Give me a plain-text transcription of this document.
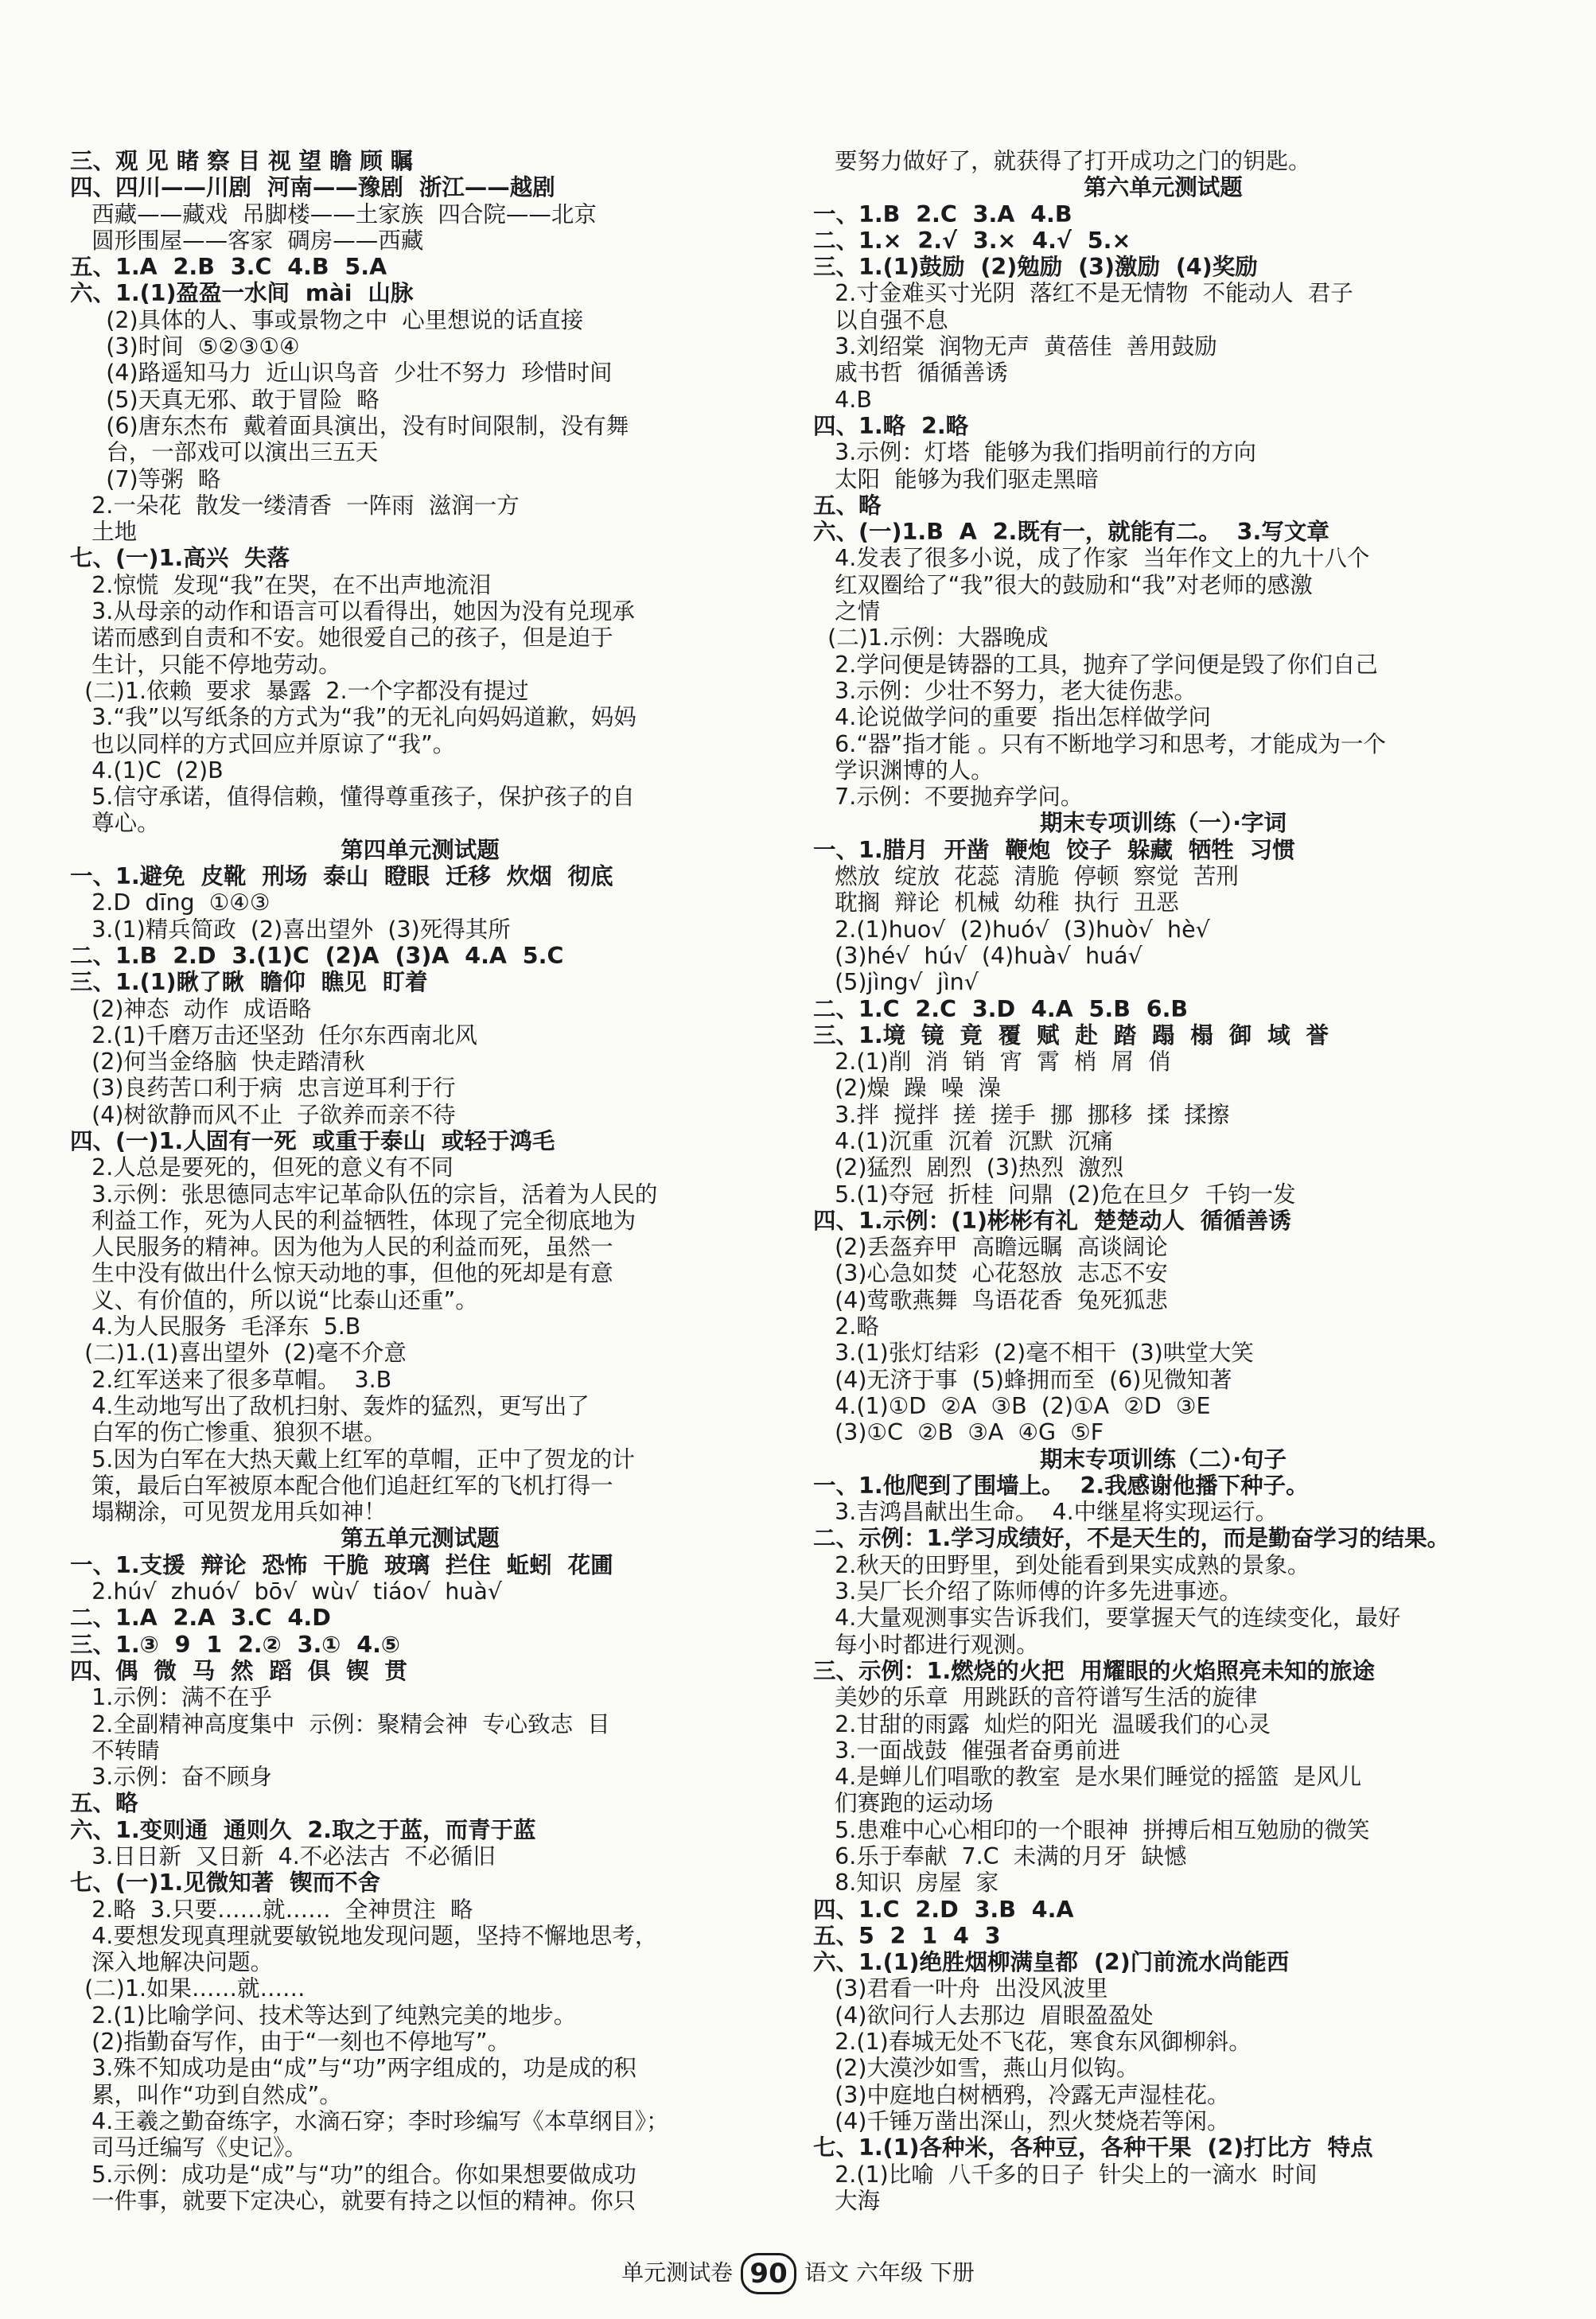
三、观 见 睹 察 目 视 望 瞻 顾 瞩
四、四川——川剧  河南——豫剧  浙江——越剧
西藏——藏戏  吊脚楼——土家族  四合院——北京
圆形围屋——客家  碉房——西藏
五、1.A  2.B  3.C  4.B  5.A
六、1.(1)盈盈一水间  mài  山脉
(2)具体的人、事或景物之中  心里想说的话直接
(3)时间  ⑤②③①④
(4)路遥知马力  近山识鸟音  少壮不努力  珍惜时间
(5)天真无邪、敢于冒险  略
(6)唐东杰布  戴着面具演出，没有时间限制，没有舞
台，一部戏可以演出三五天
(7)等粥  略
2.一朵花  散发一缕清香  一阵雨  滋润一方
土地
七、(一)1.高兴  失落
2.惊慌  发现“我”在哭，在不出声地流泪
3.从母亲的动作和语言可以看得出，她因为没有兑现承
诺而感到自责和不安。她很爱自己的孩子，但是迫于
生计，只能不停地劳动。
(二)1.依赖  要求  暴露  2.一个字都没有提过
3.“我”以写纸条的方式为“我”的无礼向妈妈道歉，妈妈
也以同样的方式回应并原谅了“我”。
4.(1)C  (2)B
5.信守承诺，值得信赖，懂得尊重孩子，保护孩子的自
尊心。
第四单元测试题
一、1.避免  皮靴  刑场  泰山  瞪眼  迁移  炊烟  彻底
2.D  dīng  ①④③
3.(1)精兵简政  (2)喜出望外  (3)死得其所
二、1.B  2.D  3.(1)C  (2)A  (3)A  4.A  5.C
三、1.(1)瞅了瞅  瞻仰  瞧见  盯着
(2)神态  动作  成语略
2.(1)千磨万击还坚劲  任尔东西南北风
(2)何当金络脑  快走踏清秋
(3)良药苦口利于病  忠言逆耳利于行
(4)树欲静而风不止  子欲养而亲不待
四、(一)1.人固有一死  或重于泰山  或轻于鸿毛
2.人总是要死的，但死的意义有不同
3.示例：张思德同志牢记革命队伍的宗旨，活着为人民的
利益工作，死为人民的利益牺牲，体现了完全彻底地为
人民服务的精神。因为他为人民的利益而死，虽然一
生中没有做出什么惊天动地的事，但他的死却是有意
义、有价值的，所以说“比泰山还重”。
4.为人民服务  毛泽东  5.B
(二)1.(1)喜出望外  (2)毫不介意
2.红军送来了很多草帽。  3.B
4.生动地写出了敌机扫射、轰炸的猛烈，更写出了
白军的伤亡惨重、狼狈不堪。
5.因为白军在大热天戴上红军的草帽，正中了贺龙的计
策，最后白军被原本配合他们追赶红军的飞机打得一
塌糊涂，可见贺龙用兵如神！
第五单元测试题
一、1.支援  辩论  恐怖  干脆  玻璃  拦住  蚯蚓  花圃
2.hú√  zhuó√  bō√  wù√  tiáo√  huà√
二、1.A  2.A  3.C  4.D
三、1.③  9  1  2.②  3.①  4.⑤
四、偶  微  马  然  蹈  俱  锲  贯
1.示例：满不在乎
2.全副精神高度集中  示例：聚精会神  专心致志  目
不转睛
3.示例：奋不顾身
五、略
六、1.变则通  通则久  2.取之于蓝，而青于蓝
3.日日新  又日新  4.不必法古  不必循旧
七、(一)1.见微知著  锲而不舍
2.略  3.只要……就……  全神贯注  略
4.要想发现真理就要敏锐地发现问题，坚持不懈地思考，
深入地解决问题。
(二)1.如果……就……
2.(1)比喻学问、技术等达到了纯熟完美的地步。
(2)指勤奋写作，由于“一刻也不停地写”。
3.殊不知成功是由“成”与“功”两字组成的，功是成的积
累，叫作“功到自然成”。
4.王羲之勤奋练字，水滴石穿；李时珍编写《本草纲目》；
司马迁编写《史记》。
5.示例：成功是“成”与“功”的组合。你如果想要做成功
一件事，就要下定决心，就要有持之以恒的精神。你只
要努力做好了，就获得了打开成功之门的钥匙。
第六单元测试题
一、1.B  2.C  3.A  4.B
二、1.×  2.√  3.×  4.√  5.×
三、1.(1)鼓励  (2)勉励  (3)激励  (4)奖励
2.寸金难买寸光阴  落红不是无情物  不能动人  君子
以自强不息
3.刘绍棠  润物无声  黄蓓佳  善用鼓励
戚书哲  循循善诱
4.B
四、1.略  2.略
3.示例：灯塔  能够为我们指明前行的方向
太阳  能够为我们驱走黑暗
五、略
六、(一)1.B  A  2.既有一，就能有二。  3.写文章
4.发表了很多小说，成了作家  当年作文上的九十八个
红双圈给了“我”很大的鼓励和“我”对老师的感激
之情
(二)1.示例：大器晚成
2.学问便是铸器的工具，抛弃了学问便是毁了你们自己
3.示例：少壮不努力，老大徒伤悲。
4.论说做学问的重要  指出怎样做学问
6.“器”指才能 。只有不断地学习和思考，才能成为一个
学识渊博的人。
7.示例：不要抛弃学问。
期末专项训练（一）·字词
一、1.腊月  开凿  鞭炮  饺子  躲藏  牺牲  习惯
燃放  绽放  花蕊  清脆  停顿  察觉  苦刑
耽搁  辩论  机械  幼稚  执行  丑恶
2.(1)huo√  (2)huó√  (3)huò√  hè√
(3)hé√  hú√  (4)huà√  huá√
(5)jìng√  jìn√
二、1.C  2.C  3.D  4.A  5.B  6.B
三、1.境  镜  竟  覆  赋  赴  踏  蹋  榻  御  域  誉
2.(1)削  消  销  宵  霄  梢  屑  俏
(2)燥  躁  噪  澡
3.拌  搅拌  搓  搓手  挪  挪移  揉  揉擦
4.(1)沉重  沉着  沉默  沉痛
(2)猛烈  剧烈  (3)热烈  激烈
5.(1)夺冠  折桂  问鼎  (2)危在旦夕  千钧一发
四、1.示例：(1)彬彬有礼  楚楚动人  循循善诱
(2)丢盔弃甲  高瞻远瞩  高谈阔论
(3)心急如焚  心花怒放  志忑不安
(4)莺歌燕舞  鸟语花香  兔死狐悲
2.略
3.(1)张灯结彩  (2)毫不相干  (3)哄堂大笑
(4)无济于事  (5)蜂拥而至  (6)见微知著
4.(1)①D  ②A  ③B  (2)①A  ②D  ③E
(3)①C  ②B  ③A  ④G  ⑤F
期末专项训练（二）·句子
一、1.他爬到了围墙上。  2.我感谢他播下种子。
3.吉鸿昌献出生命。  4.中继星将实现运行。
二、示例：1.学习成绩好，不是天生的，而是勤奋学习的结果。
2.秋天的田野里，到处能看到果实成熟的景象。
3.吴厂长介绍了陈师傅的许多先进事迹。
4.大量观测事实告诉我们，要掌握天气的连续变化，最好
每小时都进行观测。
三、示例：1.燃烧的火把  用耀眼的火焰照亮未知的旅途
美妙的乐章  用跳跃的音符谱写生活的旋律
2.甘甜的雨露  灿烂的阳光  温暖我们的心灵
3.一面战鼓  催强者奋勇前进
4.是蝉儿们唱歌的教室  是水果们睡觉的摇篮  是风儿
们赛跑的运动场
5.患难中心心相印的一个眼神  拼搏后相互勉励的微笑
6.乐于奉献  7.C  未满的月牙  缺憾
8.知识  房屋  家
四、1.C  2.D  3.B  4.A
五、5  2  1  4  3
六、1.(1)绝胜烟柳满皇都  (2)门前流水尚能西
(3)君看一叶舟  出没风波里
(4)欲问行人去那边  眉眼盈盈处
2.(1)春城无处不飞花，寒食东风御柳斜。
(2)大漠沙如雪，燕山月似钩。
(3)中庭地白树栖鸦，冷露无声湿桂花。
(4)千锤万凿出深山，烈火焚烧若等闲。
七、1.(1)各种米，各种豆，各种干果  (2)打比方  特点
2.(1)比喻  八千多的日子  针尖上的一滴水  时间
大海
单元测试卷 90 语文 六年级 下册
